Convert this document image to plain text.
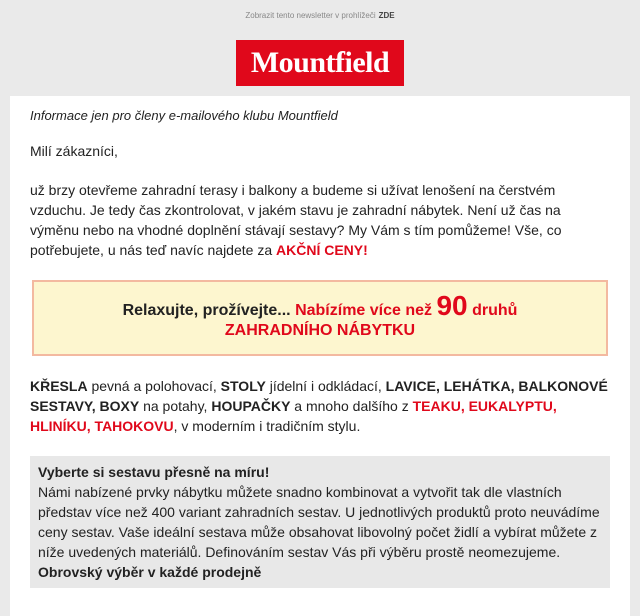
Zobrazit tento newsletter v prohlížeči ZDE
Mountfield

Informace jen pro členy e-mailového klubu Mountfield

Milí zákazníci,
už brzy otevřeme zahradní terasy i balkony a budeme si užívat lenošení na čerstvém vzduchu. Je tedy čas zkontrolovat, v jakém stavu je zahradní nábytek. Není už čas na výměnu nebo na vhodné doplnění stávají sestavy? My Vám s tím pomůžeme! Vše, co potřebujete, u nás teď navíc najdete za AKČNÍ CENY!
Relaxujte, prožívejte... Nabízíme více než 90 druhů
ZAHRADNÍHO NÁBYTKU
KŘESLA pevná a polohovací, STOLY jídelní i odkládací, LAVICE, LEHÁTKA, BALKONOVÉ SESTAVY, BOXY na potahy, HOUPAČKY a mnoho dalšího z TEAKU, EUKALYPTU, HLINÍKU, TAHOKOVU, v moderním i tradičním stylu.
Vyberte si sestavu přesně na míru!
Námi nabízené prvky nábytku můžete snadno kombinovat a vytvořit tak dle vlastních představ více než 400 variant zahradních sestav. U jednotlivých produktů proto neuvádíme ceny sestav. Vaše ideální sestava může obsahovat libovolný počet židlí a vybírat můžete z níže uvedených materiálů. Definováním sestav Vás při výběru prostě neomezujeme.
Obrovský výběr v každé prodejně
